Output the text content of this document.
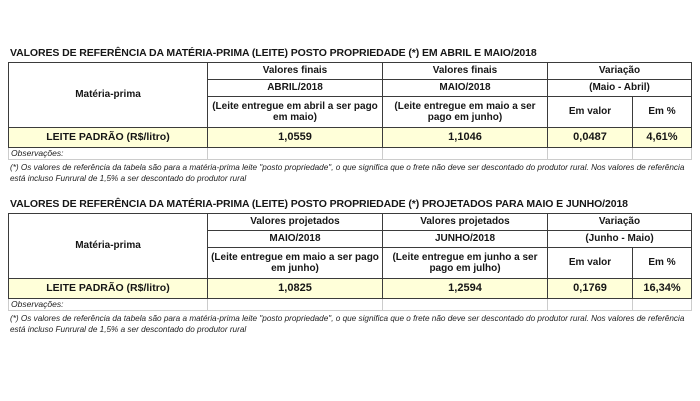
VALORES DE REFERÊNCIA DA MATÉRIA-PRIMA (LEITE) POSTO PROPRIEDADE (*) EM ABRIL E MAIO/2018
Matéria-prima	Valores finais	Valores finais	Variação	
	ABRIL/2018	MAIO/2018	(Maio - Abril)	
	(Leite entregue em abril a ser pago em maio)	(Leite entregue em maio a ser pago em junho)	Em valor	Em %
LEITE PADRÃO (R$/litro)	1,0559	1,1046	0,0487	4,61%
Observações:				
(*) Os valores de referência da tabela são para a matéria-prima leite "posto propriedade", o que significa que o frete não deve ser descontado do produtor rural. Nos valores de referência está incluso Funrural de 1,5% a ser descontado do produtor rural
VALORES DE REFERÊNCIA DA MATÉRIA-PRIMA (LEITE) POSTO PROPRIEDADE (*) PROJETADOS PARA MAIO E JUNHO/2018
Matéria-prima	Valores projetados	Valores projetados	Variação	
	MAIO/2018	JUNHO/2018	(Junho - Maio)	
	(Leite entregue em maio a ser pago em junho)	(Leite entregue em junho a ser pago em julho)	Em valor	Em %
LEITE PADRÃO (R$/litro)	1,0825	1,2594	0,1769	16,34%
Observações:				
(*) Os valores de referência da tabela são para a matéria-prima leite "posto propriedade", o que significa que o frete não deve ser descontado do produtor rural. Nos valores de referência está incluso Funrural de 1,5% a ser descontado do produtor rural
